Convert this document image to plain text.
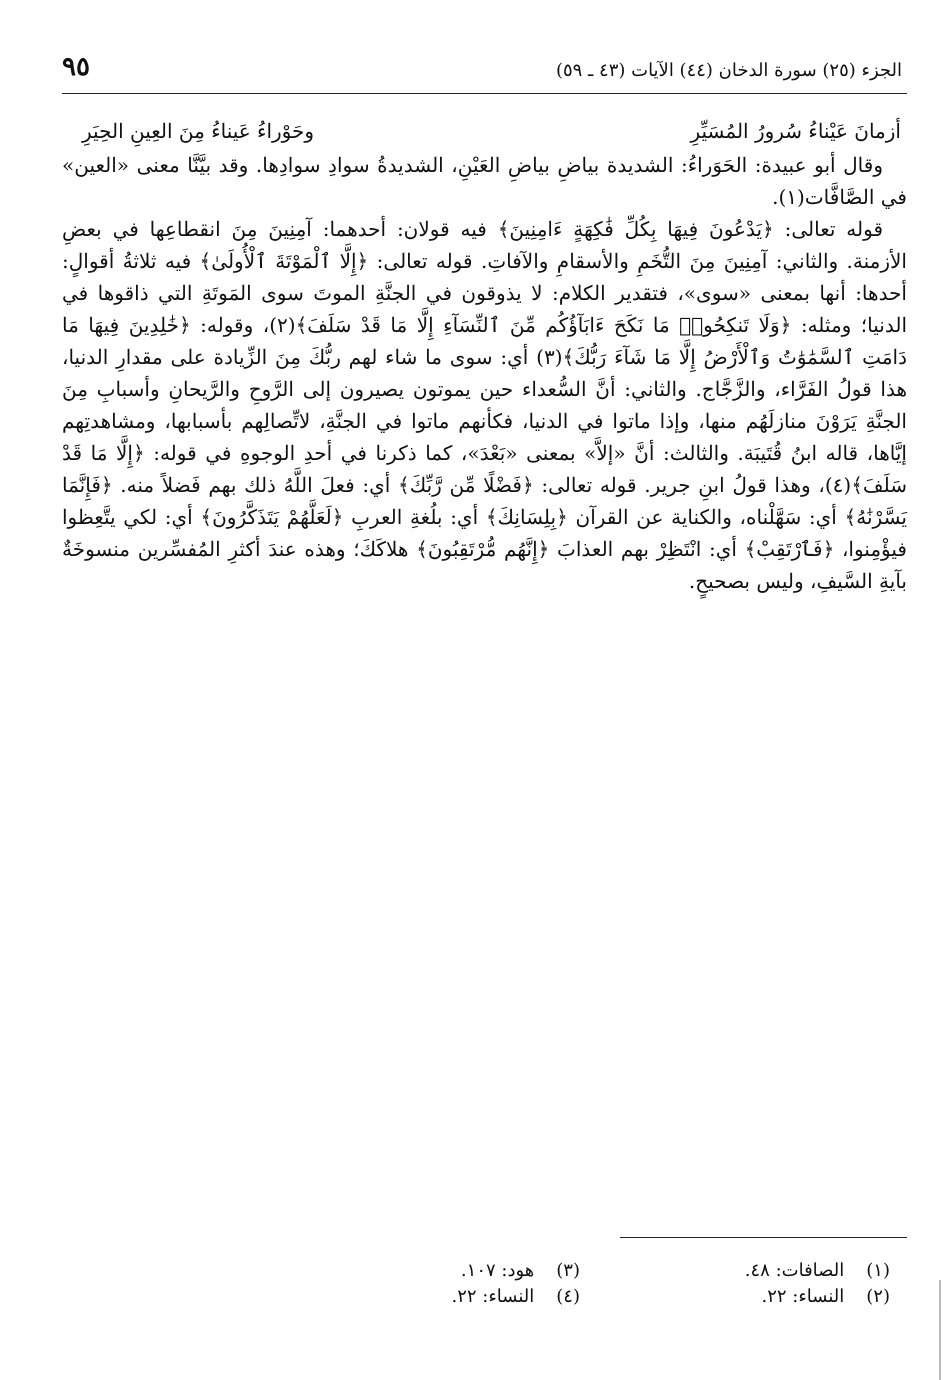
الجزء (٢٥) سورة الدخان (٤٤) الآيات (٤٣ ـ ٥٩)
٩٥
أزمانَ عَيْناءُ سُرورُ المُسَيِّرِ
وحَوْراءُ عَيناءُ مِنَ العِينِ الحِيَرِ

وقال أبو عبيدة: الحَوَراءُ: الشديدة بياضِ بياضِ العَيْنِ، الشديدةُ سوادِ سوادِها. وقد بيَّنَّا معنى «العين» في الصَّافَّات(١).

قوله تعالى: ﴿يَدْعُونَ فِيهَا بِكُلِّ فَٰكِهَةٍ ءَامِنِينَ﴾ فيه قولان: أحدهما: آمِنِينَ مِنَ انقطاعِها في بعضِ الأزمنة. والثاني: آمِنِينَ مِنَ التُّخَمِ والأسقامِ والآفاتِ. قوله تعالى: ﴿إِلَّا ٱلْمَوْتَةَ ٱلْأُولَىٰ﴾ فيه ثلاثةُ أقوالٍ: أحدها: أنها بمعنى «سوى»، فتقدير الكلام: لا يذوقون في الجنَّةِ الموتَ سوى المَوتَةِ التي ذاقوها في الدنيا؛ ومثله: ﴿وَلَا تَنكِحُوا۟ مَا نَكَحَ ءَابَآؤُكُم مِّنَ ٱلنِّسَآءِ إِلَّا مَا قَدْ سَلَفَ﴾(٢)، وقوله: ﴿خَٰلِدِينَ فِيهَا مَا دَامَتِ ٱلسَّمَٰوَٰتُ وَٱلْأَرْضُ إِلَّا مَا شَآءَ رَبُّكَ﴾(٣) أي: سوى ما شاء لهم ربُّكَ مِنَ الزِّيادة على مقدارِ الدنيا، هذا قولُ الفَرَّاء، والزَّجَّاج. والثاني: أنَّ السُّعداء حين يموتون يصيرون إلى الرَّوحِ والرَّيحانِ وأسبابِ مِنَ الجنَّةِ يَرَوْنَ منازلَهُم منها، وإذا ماتوا في الدنيا، فكأنهم ماتوا في الجنَّةِ، لاتِّصالِهم بأسبابها، ومشاهدتِهم إيَّاها، قاله ابنُ قُتَيبَة. والثالث: أنَّ «إلاَّ» بمعنى «بَعْدَ»، كما ذكرنا في أحدِ الوجوهِ في قوله: ﴿إِلَّا مَا قَدْ سَلَفَ﴾(٤)، وهذا قولُ ابنِ جرير. قوله تعالى: ﴿فَضْلًا مِّن رَّبِّكَ﴾ أي: فعلَ اللَّهُ ذلك بهم فَضلاً منه. ﴿فَإِنَّمَا يَسَّرْنَٰهُ﴾ أي: سَهَّلْناه، والكناية عن القرآن ﴿بِلِسَانِكَ﴾ أي: بلُغةِ العربِ ﴿لَعَلَّهُمْ يَتَذَكَّرُونَ﴾ أي: لكي يتَّعِظوا فيؤْمِنوا، ﴿فَٱرْتَقِبْ﴾ أي: انْتَظِرْ بهم العذابَ ﴿إِنَّهُم مُّرْتَقِبُونَ﴾ هلاكَكَ؛ وهذه عندَ أكثرِ المُفسِّرين منسوخَةٌ بآيةِ السَّيفِ، وليس بصحيحٍ.

(١) الصافات: ٤٨.
(٢) النساء: ٢٢.
(٣) هود: ١٠٧.
(٤) النساء: ٢٢.
